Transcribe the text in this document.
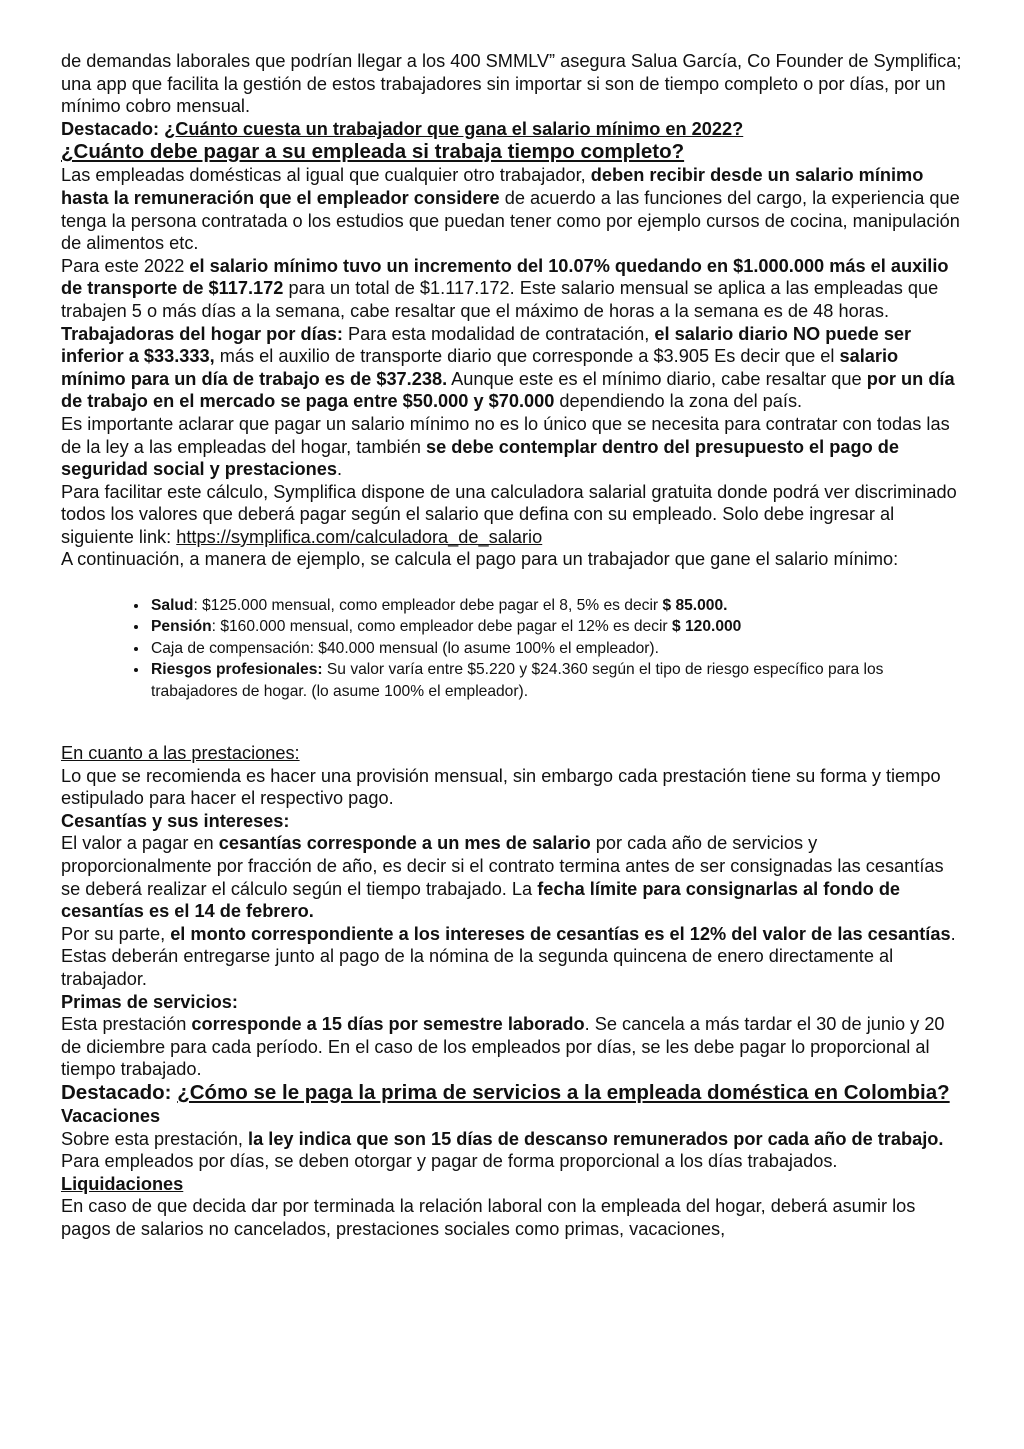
de demandas laborales que podrían llegar a los 400 SMMLV” asegura Salua García, Co Founder de Symplifica; una app que facilita la gestión de estos trabajadores sin importar si son de tiempo completo o por días, por un mínimo cobro mensual.

Destacado: ¿Cuánto cuesta un trabajador que gana el salario mínimo en 2022?

¿Cuánto debe pagar a su empleada si trabaja tiempo completo?

Las empleadas domésticas al igual que cualquier otro trabajador, deben recibir desde un salario mínimo hasta la remuneración que el empleador considere de acuerdo a las funciones del cargo, la experiencia que tenga la persona contratada o los estudios que puedan tener como por ejemplo cursos de cocina, manipulación de alimentos etc.

Para este 2022 el salario mínimo tuvo un incremento del 10.07% quedando en $1.000.000 más el auxilio de transporte de $117.172 para un total de $1.117.172. Este salario mensual se aplica a las empleadas que trabajen 5 o más días a la semana, cabe resaltar que el máximo de horas a la semana es de 48 horas.

Trabajadoras del hogar por días: Para esta modalidad de contratación, el salario diario NO puede ser inferior a $33.333, más el auxilio de transporte diario que corresponde a $3.905 Es decir que el salario mínimo para un día de trabajo es de $37.238. Aunque este es el mínimo diario, cabe resaltar que por un día de trabajo en el mercado se paga entre $50.000 y $70.000 dependiendo la zona del país.

Es importante aclarar que pagar un salario mínimo no es lo único que se necesita para contratar con todas las de la ley a las empleadas del hogar, también se debe contemplar dentro del presupuesto el pago de seguridad social y prestaciones.

Para facilitar este cálculo, Symplifica dispone de una calculadora salarial gratuita donde podrá ver discriminado todos los valores que deberá pagar según el salario que defina con su empleado. Solo debe ingresar al siguiente link: https://symplifica.com/calculadora_de_salario

A continuación, a manera de ejemplo, se calcula el pago para un trabajador que gane el salario mínimo:

• Salud: $125.000 mensual, como empleador debe pagar el 8, 5% es decir $ 85.000.
• Pensión: $160.000 mensual, como empleador debe pagar el 12% es decir $ 120.000
• Caja de compensación: $40.000 mensual (lo asume 100% el empleador).
• Riesgos profesionales: Su valor varía entre $5.220 y $24.360 según el tipo de riesgo específico para los trabajadores de hogar. (lo asume 100% el empleador).

En cuanto a las prestaciones:

Lo que se recomienda es hacer una provisión mensual, sin embargo cada prestación tiene su forma y tiempo estipulado para hacer el respectivo pago.

Cesantías y sus intereses:

El valor a pagar en cesantías corresponde a un mes de salario por cada año de servicios y proporcionalmente por fracción de año, es decir si el contrato termina antes de ser consignadas las cesantías se deberá realizar el cálculo según el tiempo trabajado. La fecha límite para consignarlas al fondo de cesantías es el 14 de febrero.

Por su parte, el monto correspondiente a los intereses de cesantías es el 12% del valor de las cesantías. Estas deberán entregarse junto al pago de la nómina de la segunda quincena de enero directamente al trabajador.

Primas de servicios:

Esta prestación corresponde a 15 días por semestre laborado. Se cancela a más tardar el 30 de junio y 20 de diciembre para cada período. En el caso de los empleados por días, se les debe pagar lo proporcional al tiempo trabajado.

Destacado: ¿Cómo se le paga la prima de servicios a la empleada doméstica en Colombia?

Vacaciones

Sobre esta prestación, la ley indica que son 15 días de descanso remunerados por cada año de trabajo. Para empleados por días, se deben otorgar y pagar de forma proporcional a los días trabajados.

Liquidaciones

En caso de que decida dar por terminada la relación laboral con la empleada del hogar, deberá asumir los pagos de salarios no cancelados, prestaciones sociales como primas, vacaciones,
